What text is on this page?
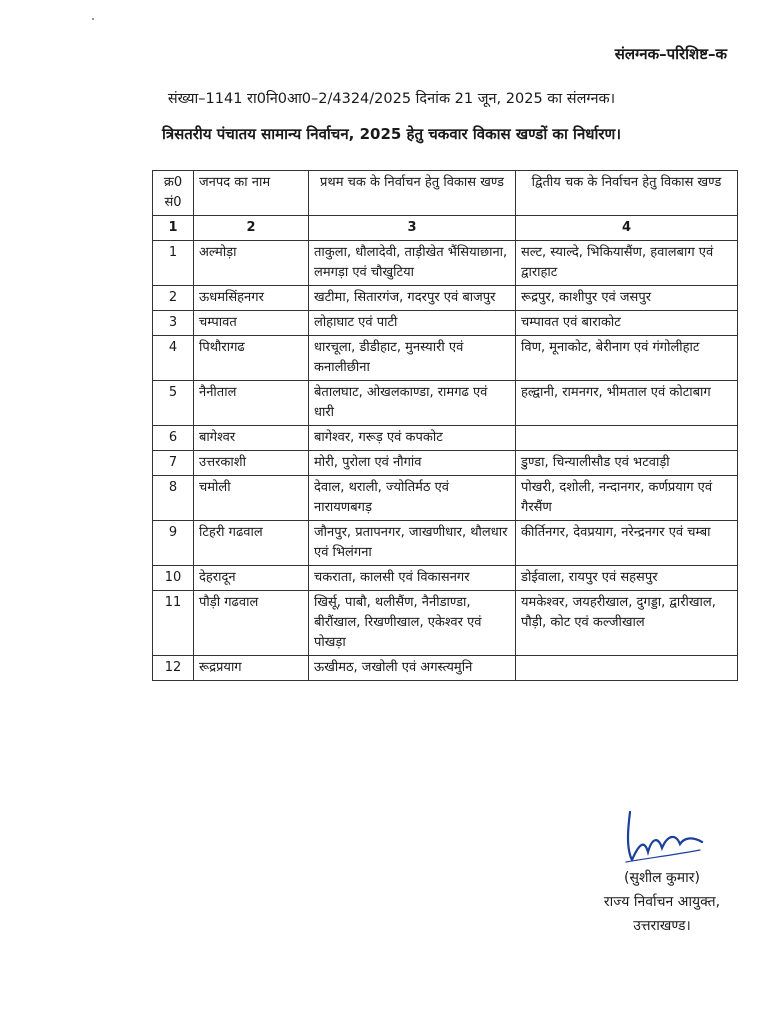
संलग्नक–परिशिष्ट–क
संख्या–1141 रा0नि0आ0–2/4324/2025 दिनांक 21 जून, 2025 का संलग्नक।
त्रिसतरीय पंचातय सामान्य निर्वाचन, 2025 हेतु चकवार विकास खण्डों का निर्धारण।
क्र0 सं0	जनपद का नाम	प्रथम चक के निर्वाचन हेतु विकास खण्ड	द्वितीय चक के निर्वाचन हेतु विकास खण्ड
1	2	3	4
1	अल्मोड़ा	ताकुला, धौलादेवी, ताड़ीखेत भैंसियाछाना, लमगड़ा एवं चौखुटिया	सल्ट, स्याल्दे, भिकियासैंण, हवालबाग एवं द्वाराहाट
2	ऊधमसिंहनगर	खटीमा, सितारगंज, गदरपुर एवं बाजपुर	रूद्रपुर, काशीपुर एवं जसपुर
3	चम्पावत	लोहाघाट एवं पाटी	चम्पावत एवं बाराकोट
4	पिथौरागढ	धारचूला, डीडीहाट, मुनस्यारी एवं कनालीछीना	विण, मूनाकोट, बेरीनाग एवं गंगोलीहाट
5	नैनीताल	बेतालघाट, ओखलकाण्डा, रामगढ एवं धारी	हल्द्वानी, रामनगर, भीमताल एवं कोटाबाग
6	बागेश्वर	बागेश्वर, गरूड़ एवं कपकोट	
7	उत्तरकाशी	मोरी, पुरोला एवं नौगांव	डुण्डा, चिन्यालीसौड एवं भटवाड़ी
8	चमोली	देवाल, थराली, ज्योतिर्मठ एवं नारायणबगड़	पोखरी, दशोली, नन्दानगर, कर्णप्रयाग एवं गैरसैंण
9	टिहरी गढवाल	जौनपुर, प्रतापनगर, जाखणीधार, थौलधार एवं भिलंगना	कीर्तिनगर, देवप्रयाग, नरेन्द्रनगर एवं चम्बा
10	देहरादून	चकराता, कालसी एवं विकासनगर	डोईवाला, रायपुर एवं सहसपुर
11	पौड़ी गढवाल	खिर्सू, पाबौ, थलीसैंण, नैनीडाण्डा, बीरौंखाल, रिखणीखाल, एकेश्वर एवं पोखड़ा	यमकेश्वर, जयहरीखाल, दुगड्डा, द्वारीखाल, पौड़ी, कोट एवं कल्जीखाल
12	रूद्रप्रयाग	ऊखीमठ, जखोली एवं अगस्त्यमुनि	
(सुशील कुमार)
राज्य निर्वाचन आयुक्त,
उत्तराखण्ड।
